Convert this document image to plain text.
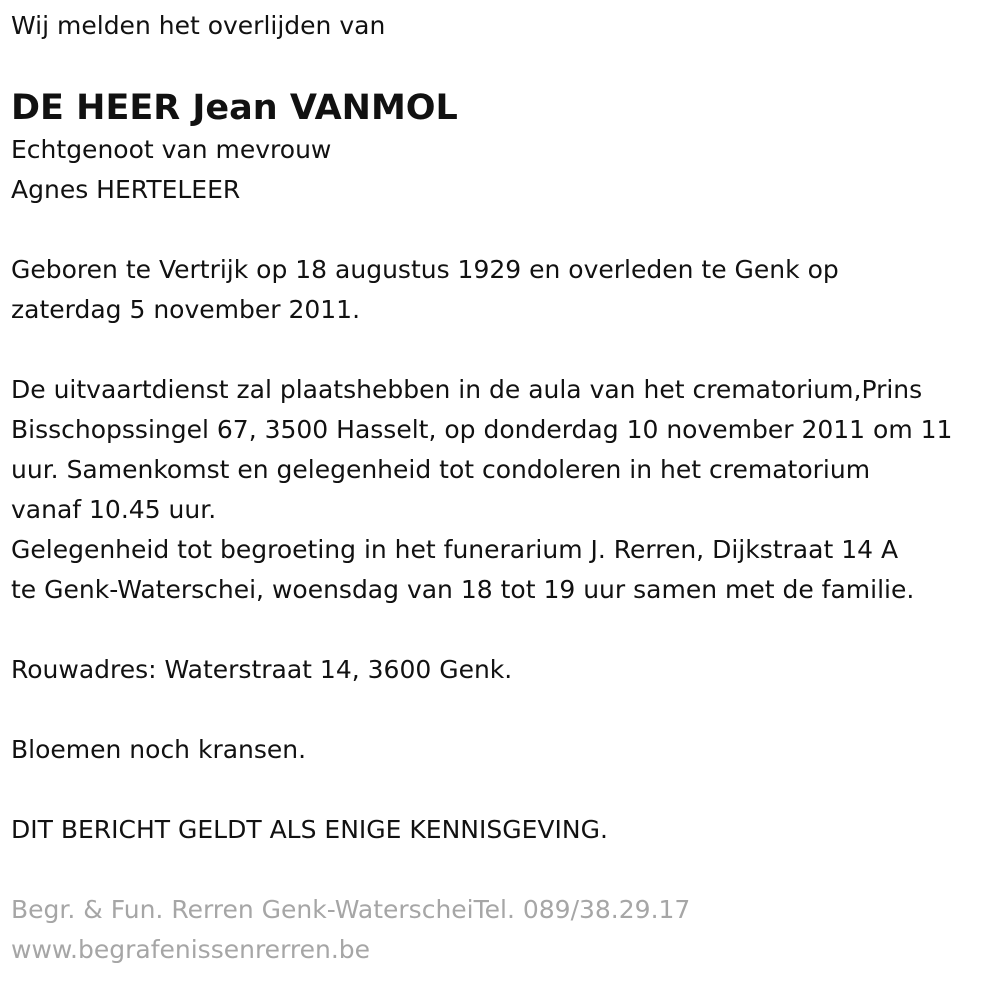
Wij melden het overlijden van

DE HEER Jean VANMOL

Echtgenoot van mevrouw

Agnes HERTELEER

Geboren te Vertrijk op 18 augustus 1929 en overleden te Genk op

zaterdag 5 november 2011.

De uitvaartdienst zal plaatshebben in de aula van het crematorium,Prins

Bisschopssingel 67, 3500 Hasselt, op donderdag 10 november 2011 om 11

uur. Samenkomst en gelegenheid tot condoleren in het crematorium

vanaf 10.45 uur.

Gelegenheid tot begroeting in het funerarium J. Rerren, Dijkstraat 14 A

te Genk-Waterschei, woensdag van 18 tot 19 uur samen met de familie.

Rouwadres: Waterstraat 14, 3600 Genk.

Bloemen noch kransen.

DIT BERICHT GELDT ALS ENIGE KENNISGEVING.

Begr. & Fun. Rerren Genk-WaterscheiTel. 089/38.29.17

www.begrafenissenrerren.be
